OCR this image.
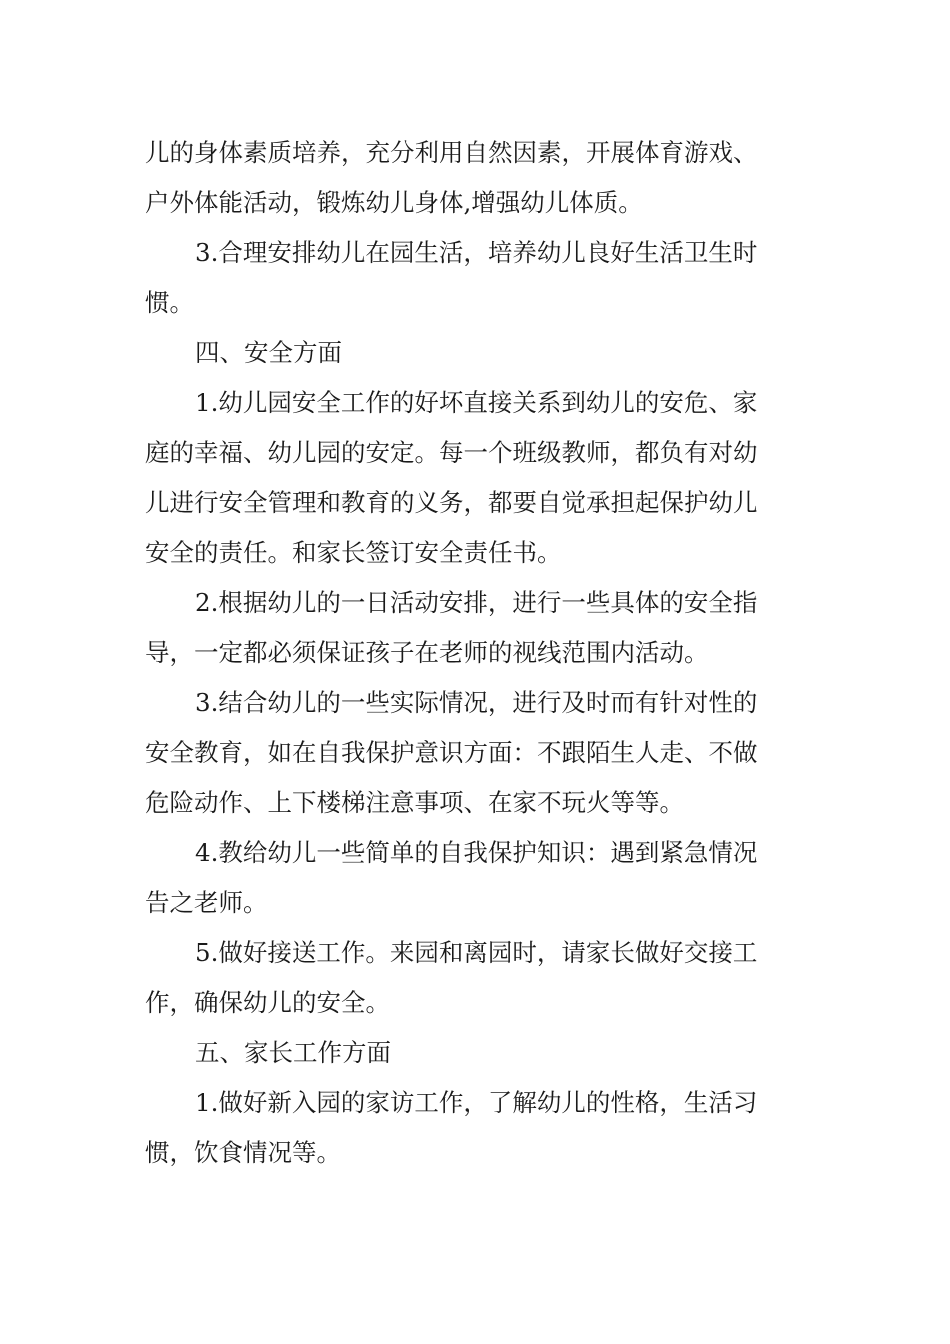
儿的身体素质培养，充分利用自然因素，开展体育游戏、
户外体能活动，锻炼幼儿身体,增强幼儿体质。
3.合理安排幼儿在园生活，培养幼儿良好生活卫生时
惯。
四、安全方面
1.幼儿园安全工作的好坏直接关系到幼儿的安危、家
庭的幸福、幼儿园的安定。每一个班级教师，都负有对幼
儿进行安全管理和教育的义务，都要自觉承担起保护幼儿
安全的责任。和家长签订安全责任书。
2.根据幼儿的一日活动安排，进行一些具体的安全指
导，一定都必须保证孩子在老师的视线范围内活动。
3.结合幼儿的一些实际情况，进行及时而有针对性的
安全教育，如在自我保护意识方面：不跟陌生人走、不做
危险动作、上下楼梯注意事项、在家不玩火等等。
4.教给幼儿一些简单的自我保护知识：遇到紧急情况
告之老师。
5.做好接送工作。来园和离园时，请家长做好交接工
作，确保幼儿的安全。
五、家长工作方面
1.做好新入园的家访工作，了解幼儿的性格，生活习
惯，饮食情况等。
